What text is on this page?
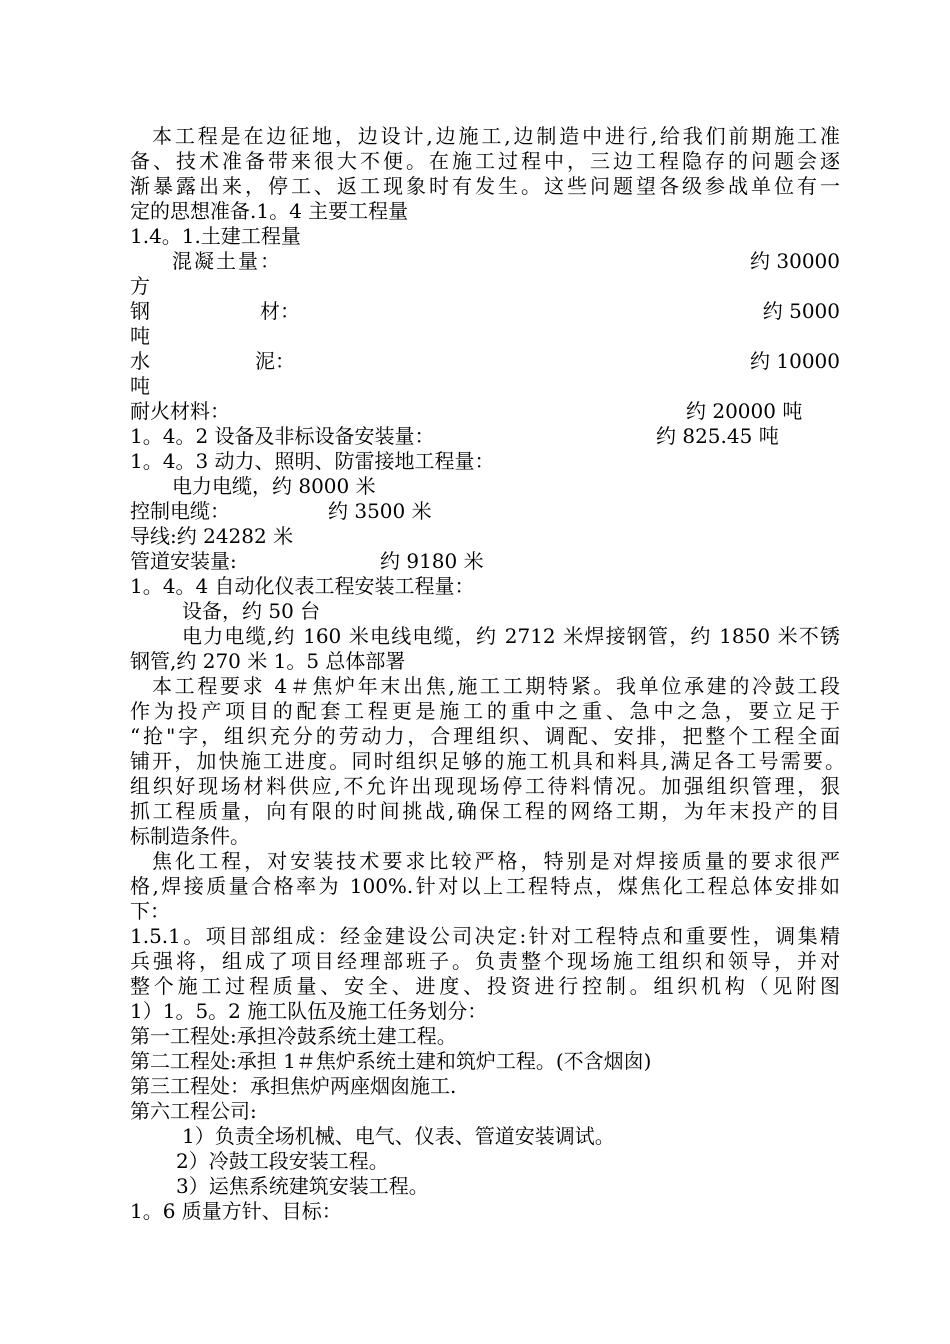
本工程是在边征地，边设计,边施工,边制造中进行,给我们前期施工准
备、技术准备带来很大不便。在施工过程中，三边工程隐存的问题会逐
渐暴露出来，停工、返工现象时有发生。这些问题望各级参战单位有一
定的思想准备.1。4 主要工程量
1.4。1.土建工程量
混凝土量：	约 30000
方
钢	材：	约 5000
吨
水	泥：	约 10000
吨
耐火材料：	约 20000 吨
1。4。2 设备及非标设备安装量：	约 825.45 吨
1。4。3 动力、照明、防雷接地工程量：
电力电缆，约 8000 米
控制电缆：	约 3500 米
导线:约 24282 米
管道安装量:	约 9180 米
1。4。4 自动化仪表工程安装工程量：
设备，约 50 台
电力电缆,约 160 米电线电缆，约 2712 米焊接钢管，约 1850 米不锈
钢管,约 270 米 1。5 总体部署
本工程要求 4＃焦炉年末出焦,施工工期特紧。我单位承建的冷鼓工段
作为投产项目的配套工程更是施工的重中之重、急中之急，要立足于
“抢"字，组织充分的劳动力，合理组织、调配、安排，把整个工程全面
铺开，加快施工进度。同时组织足够的施工机具和料具,满足各工号需要。
组织好现场材料供应,不允许出现现场停工待料情况。加强组织管理，狠
抓工程质量，向有限的时间挑战,确保工程的网络工期，为年末投产的目
标制造条件。
焦化工程，对安装技术要求比较严格，特别是对焊接质量的要求很严
格,焊接质量合格率为 100%.针对以上工程特点，煤焦化工程总体安排如
下：
1.5.1。项目部组成：经金建设公司决定:针对工程特点和重要性，调集精
兵强将，组成了项目经理部班子。负责整个现场施工组织和领导，并对
整个施工过程质量、安全、进度、投资进行控制。组织机构（见附图
1）1。5。2 施工队伍及施工任务划分：
第一工程处:承担冷鼓系统土建工程。
第二工程处:承担 1＃焦炉系统土建和筑炉工程。(不含烟囱)
第三工程处：承担焦炉两座烟囱施工.
第六工程公司:
1）负责全场机械、电气、仪表、管道安装调试。
2）冷鼓工段安装工程。
3）运焦系统建筑安装工程。
1。6 质量方针、目标：
